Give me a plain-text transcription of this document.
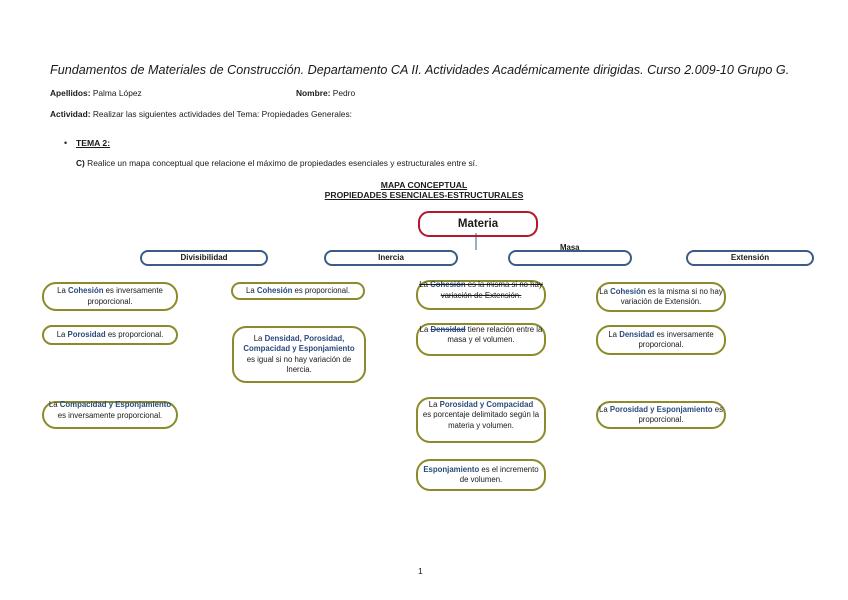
Fundamentos de Materiales de Construcción. Departamento CA II. Actividades Académicamente dirigidas. Curso 2.009-10 Grupo G.
Apellidos: Palma López	Nombre: Pedro
Actividad: Realizar las siguientes actividades del Tema: Propiedades Generales:
• TEMA 2:
C) Realice un mapa conceptual que relacione el máximo de propiedades esenciales y estructurales entre sí.
MAPA CONCEPTUAL
PROPIEDADES ESENCIALES-ESTRUCTURALES
Materia
Divisibilidad	Inercia
Masa
Extensión
La Cohesión es inversamente proporcional.
La Porosidad es proporcional.
La Compacidad y Esponjamiento
es inversamente proporcional.
La Cohesión es proporcional.
La Densidad, Porosidad, Compacidad y Esponjamiento
es igual si no hay variación de Inercia.
La Cohesión es la misma si no hay variación de Extensión.
La Densidad tiene relación entre la masa y el volumen.
La Porosidad y Compacidad
es porcentaje delimitado según la materia y volumen.
Esponjamiento es el incremento de volumen.
La Cohesión es la misma si no hay variación de Extensión.
La Densidad es inversamente proporcional.
La Porosidad y Esponjamiento es proporcional.
1
